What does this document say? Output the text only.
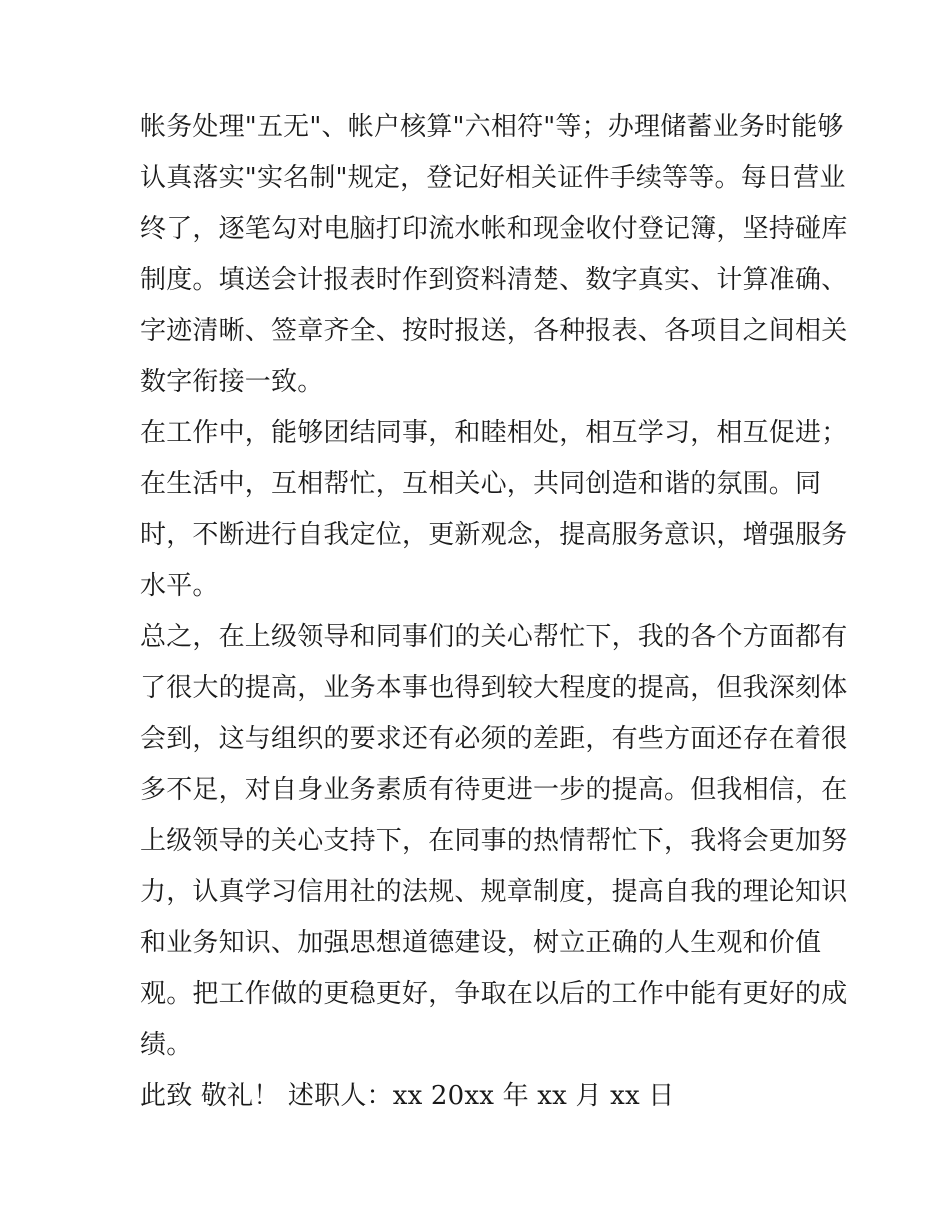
帐务处理"五无"、帐户核算"六相符"等；办理储蓄业务时能够
认真落实"实名制"规定，登记好相关证件手续等等。每日营业
终了，逐笔勾对电脑打印流水帐和现金收付登记簿，坚持碰库
制度。填送会计报表时作到资料清楚、数字真实、计算准确、
字迹清晰、签章齐全、按时报送，各种报表、各项目之间相关
数字衔接一致。
在工作中，能够团结同事，和睦相处，相互学习，相互促进；
在生活中，互相帮忙，互相关心，共同创造和谐的氛围。同
时，不断进行自我定位，更新观念，提高服务意识，增强服务
水平。
总之，在上级领导和同事们的关心帮忙下，我的各个方面都有
了很大的提高，业务本事也得到较大程度的提高，但我深刻体
会到，这与组织的要求还有必须的差距，有些方面还存在着很
多不足，对自身业务素质有待更进一步的提高。但我相信，在
上级领导的关心支持下，在同事的热情帮忙下，我将会更加努
力，认真学习信用社的法规、规章制度，提高自我的理论知识
和业务知识、加强思想道德建设，树立正确的人生观和价值
观。把工作做的更稳更好，争取在以后的工作中能有更好的成
绩。
此致 敬礼！ 述职人：xx 20xx 年 xx 月 xx 日
